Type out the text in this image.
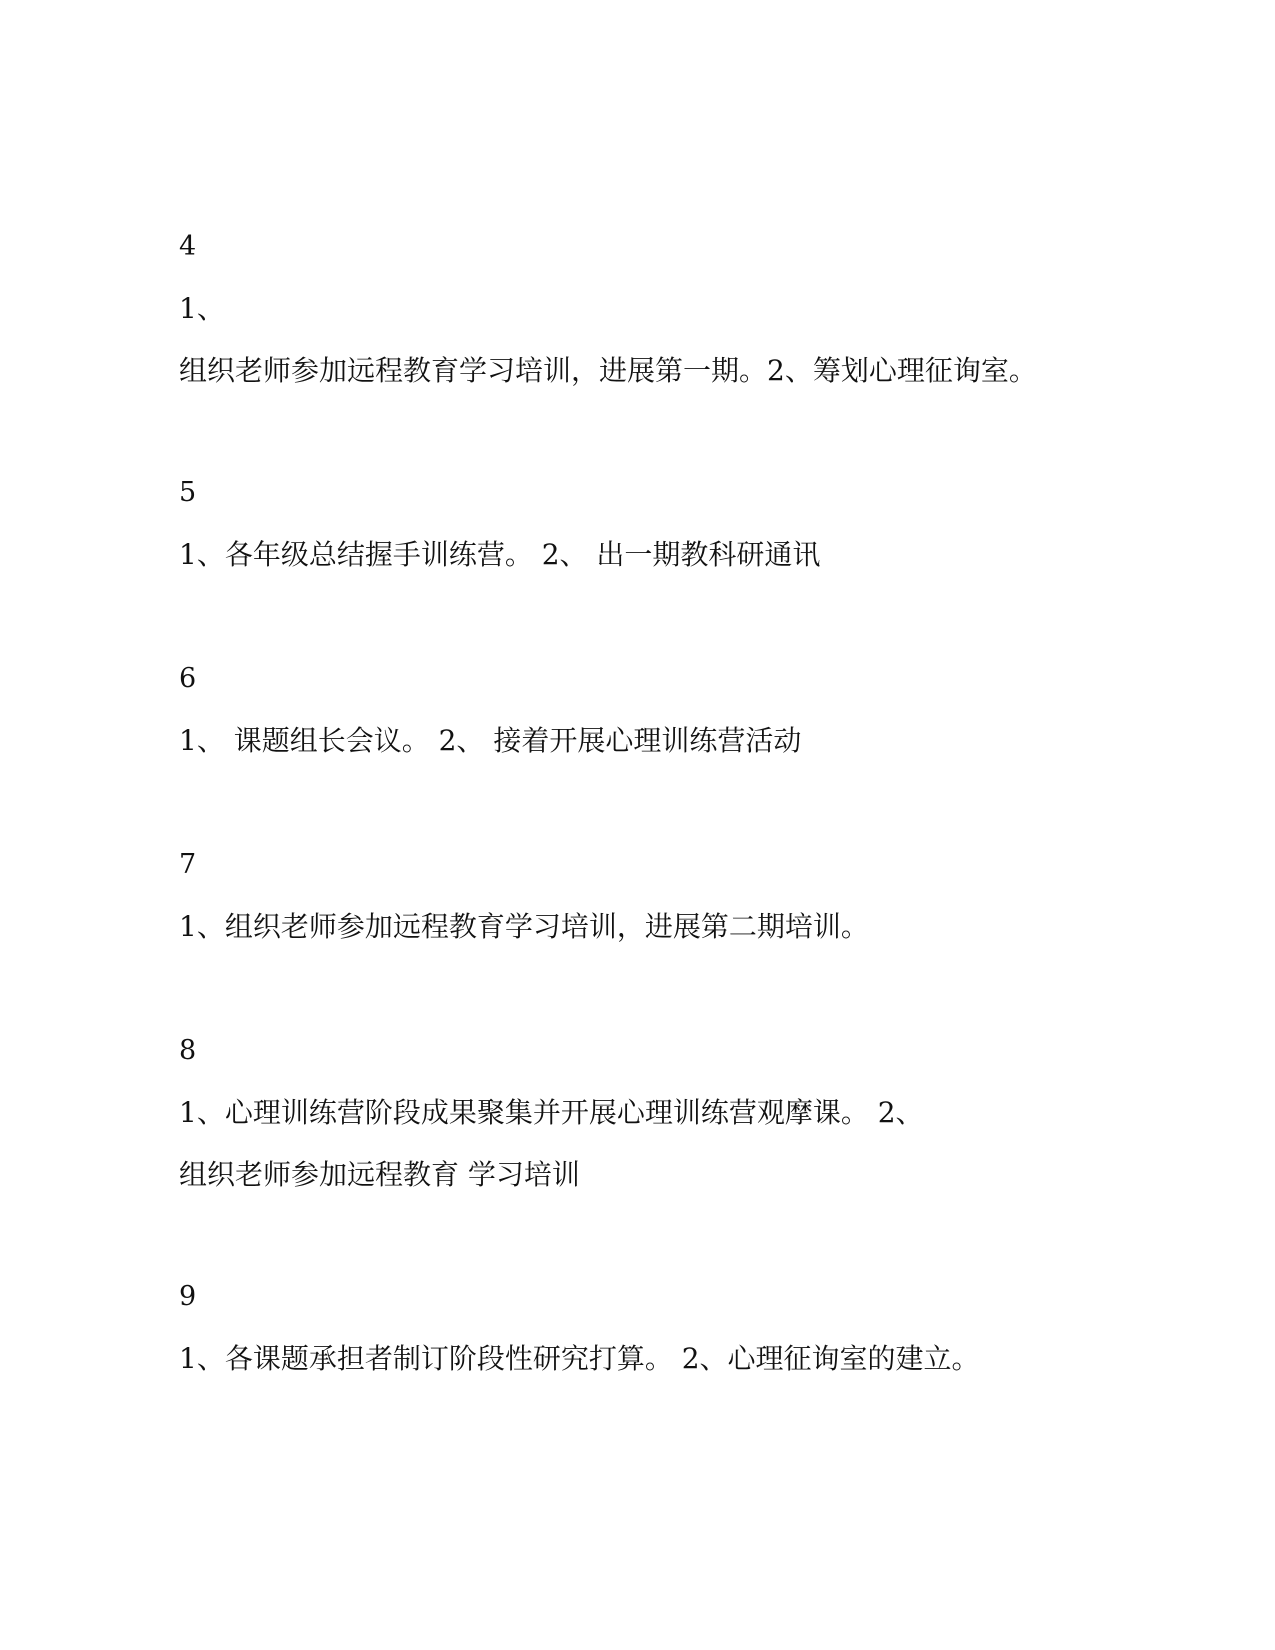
4

1、

组织老师参加远程教育学习培训，进展第一期。2、筹划心理征询室。

5

1、各年级总结握手训练营。 2、 出一期教科研通讯

6

1、 课题组长会议。 2、 接着开展心理训练营活动

7

1、组织老师参加远程教育学习培训，进展第二期培训。

8

1、心理训练营阶段成果聚集并开展心理训练营观摩课。 2、

组织老师参加远程教育 学习培训

9

1、各课题承担者制订阶段性研究打算。 2、心理征询室的建立。
